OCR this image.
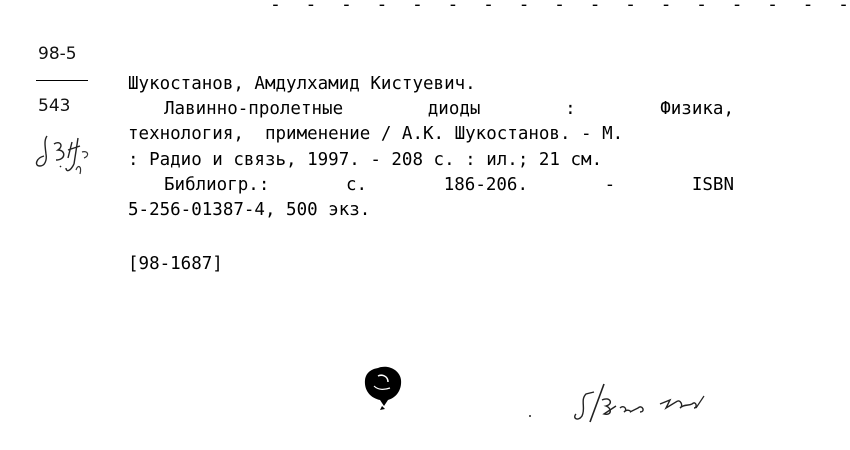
-  -  -  -  -  -  -  -  -  -  -  -  -  -  -  -  -
98-5
543
Шукостанов, Амдулхамид Кистуевич.
Лавинно-пролетные	диоды	:	Физика,
технология,  применение / А.К. Шукостанов. - М.
: Радио и связь, 1997. - 208 с. : ил.; 21 см.
Библиогр.:	с.	186-206.	-	ISBN
5-256-01387-4, 500 экз.
[98-1687]
